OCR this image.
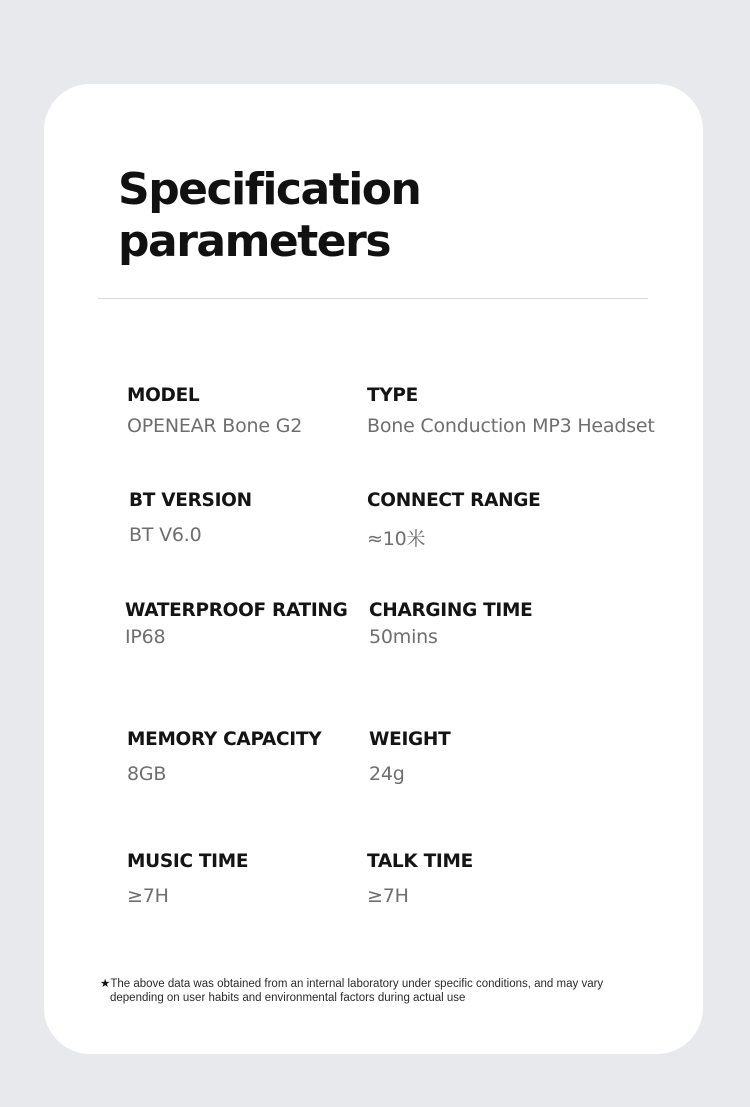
Specification
parameters
MODEL
OPENEAR Bone G2
TYPE
Bone Conduction MP3 Headset
BT VERSION
BT V6.0
CONNECT RANGE
≈10米
WATERPROOF RATING
IP68
CHARGING TIME
50mins
MEMORY CAPACITY
8GB
WEIGHT
24g
MUSIC TIME
≥7H
TALK TIME
≥7H
★The above data was obtained from an internal laboratory under specific conditions, and may vary
depending on user habits and environmental factors during actual use
